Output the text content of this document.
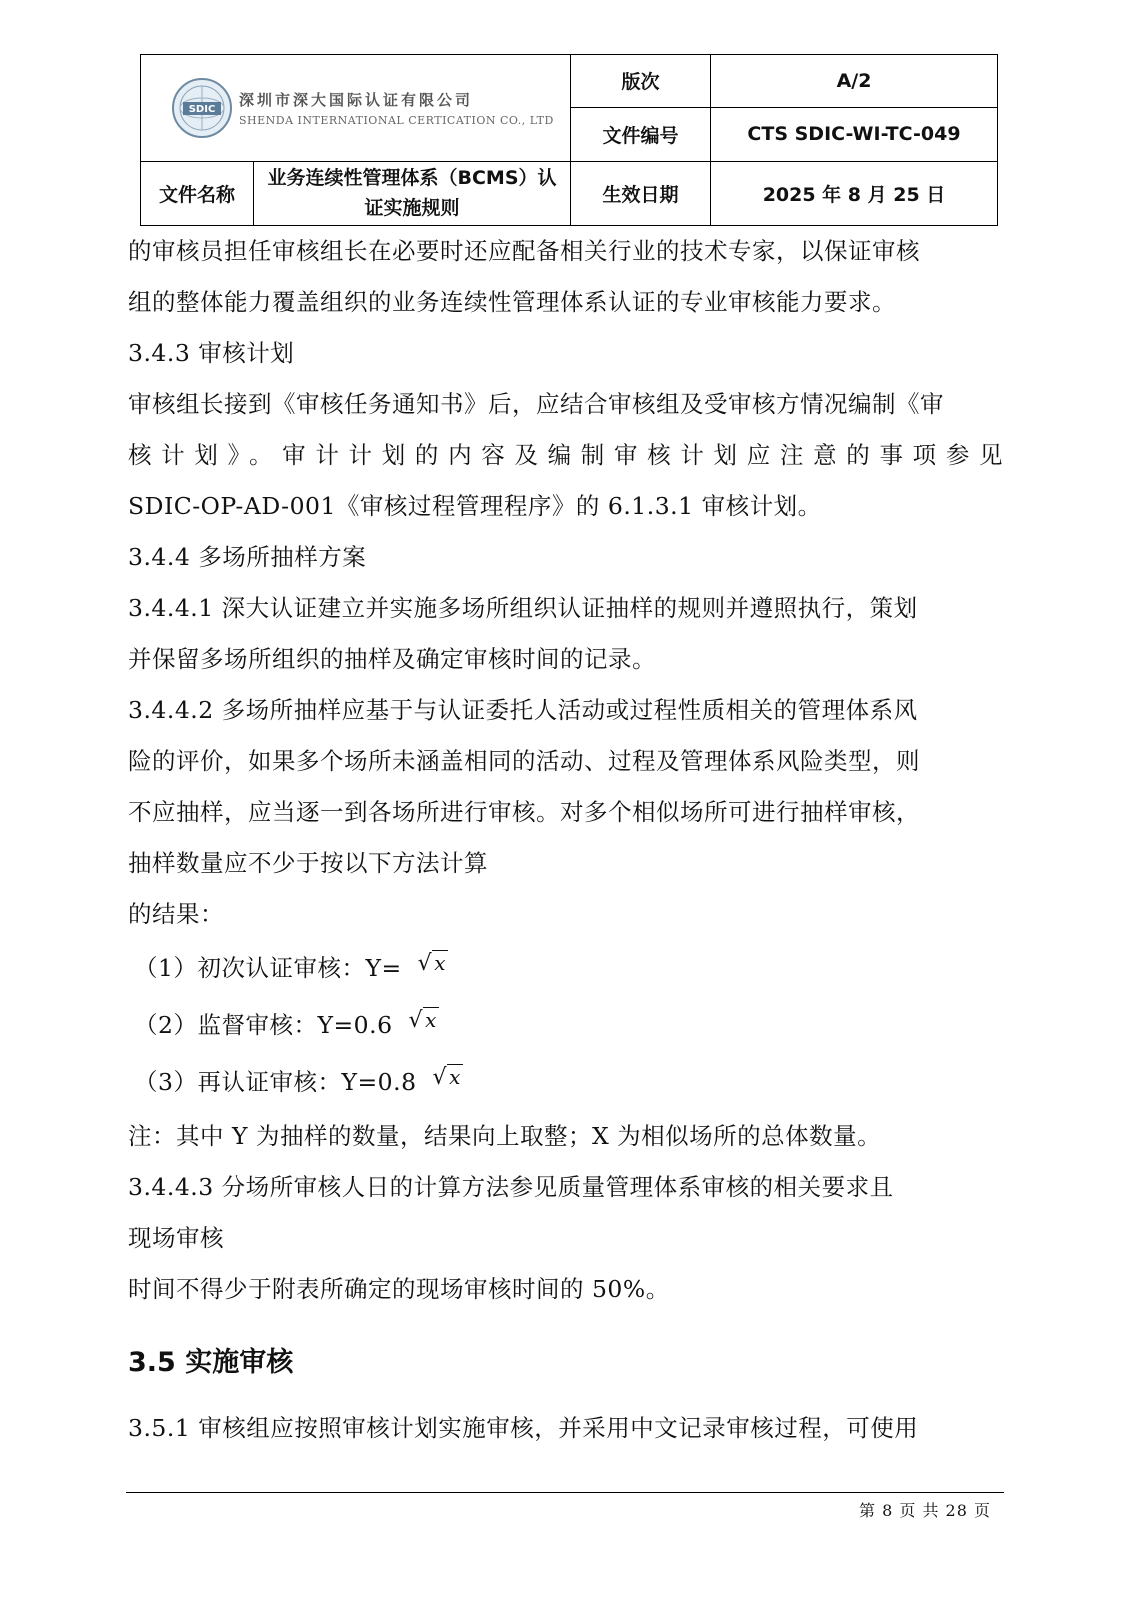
SDIC
深圳市深大国际认证有限公司
SHENDA INTERNATIONAL CERTICATION CO., LTD		版次	A/2
		文件编号	CTS SDIC-WI-TC-049
文件名称	业务连续性管理体系（BCMS）认证实施规则	生效日期	2025 年 8 月 25 日

的审核员担任审核组长在必要时还应配备相关行业的技术专家，以保证审核

组的整体能力覆盖组织的业务连续性管理体系认证的专业审核能力要求。

3.4.3 审核计划

审核组长接到《审核任务通知书》后，应结合审核组及受审核方情况编制《审

核计划》。审计计划的内容及编制审核计划应注意的事项参见

SDIC-OP-AD-001《审核过程管理程序》的 6.1.3.1 审核计划。

3.4.4 多场所抽样方案

3.4.4.1 深大认证建立并实施多场所组织认证抽样的规则并遵照执行，策划

并保留多场所组织的抽样及确定审核时间的记录。

3.4.4.2 多场所抽样应基于与认证委托人活动或过程性质相关的管理体系风

险的评价，如果多个场所未涵盖相同的活动、过程及管理体系风险类型，则

不应抽样，应当逐一到各场所进行审核。对多个相似场所可进行抽样审核，

抽样数量应不少于按以下方法计算

的结果：

（1）初次认证审核：Y= √ x

（2）监督审核：Y=0.6 √ x

（3）再认证审核：Y=0.8 √ x

注：其中 Y 为抽样的数量，结果向上取整；X 为相似场所的总体数量。

3.4.4.3 分场所审核人日的计算方法参见质量管理体系审核的相关要求且

现场审核

时间不得少于附表所确定的现场审核时间的 50%。

3.5 实施审核

3.5.1 审核组应按照审核计划实施审核，并采用中文记录审核过程，可使用

第 8 页 共 28 页
